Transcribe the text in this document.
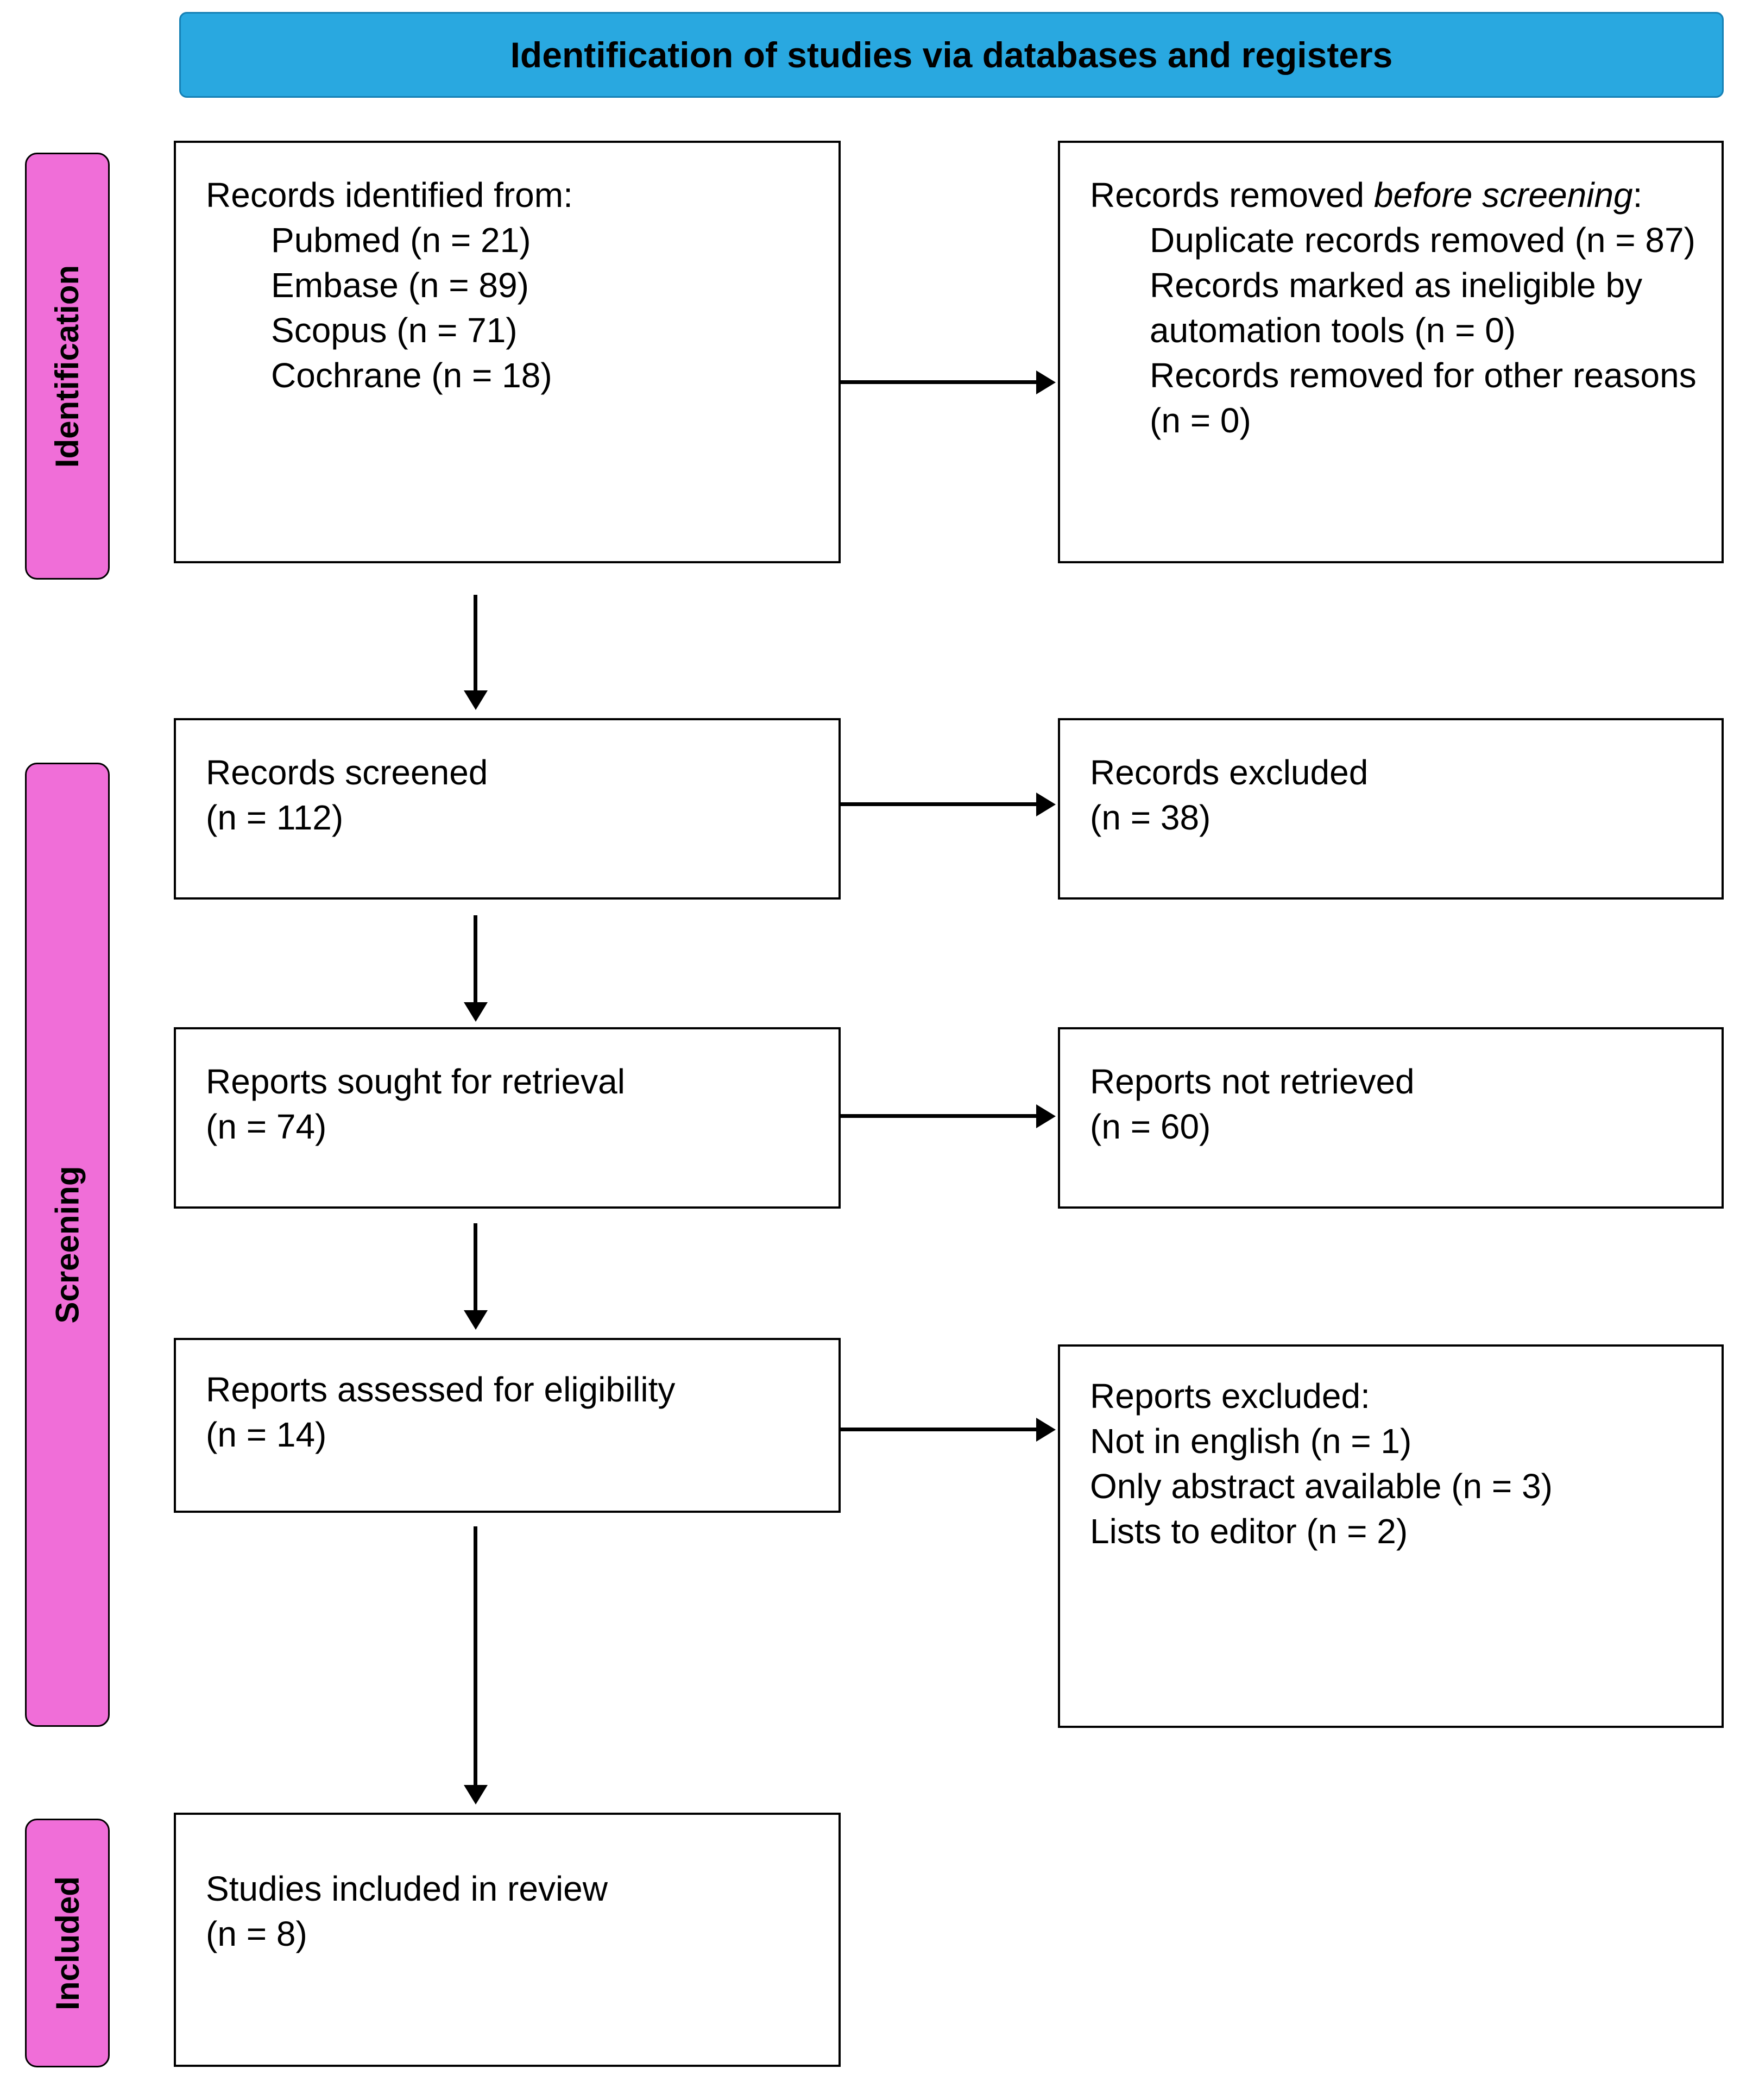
Identification of studies via databases and registers
Identification
Screening
Included
Records identified from:
Pubmed (n = 21)
Embase (n = 89)
Scopus (n = 71)
Cochrane (n = 18)
Records removed before screening:
Duplicate records removed (n = 87)
Records marked as ineligible by automation tools (n = 0)
Records removed for other reasons (n = 0)
Records screened
(n = 112)
Records excluded
(n = 38)
Reports sought for retrieval
(n = 74)
Reports not retrieved
(n = 60)
Reports assessed for eligibility
(n = 14)
Reports excluded:
Not in english (n = 1)
Only abstract available (n = 3)
Lists to editor (n = 2)
Studies included in review
(n = 8)
